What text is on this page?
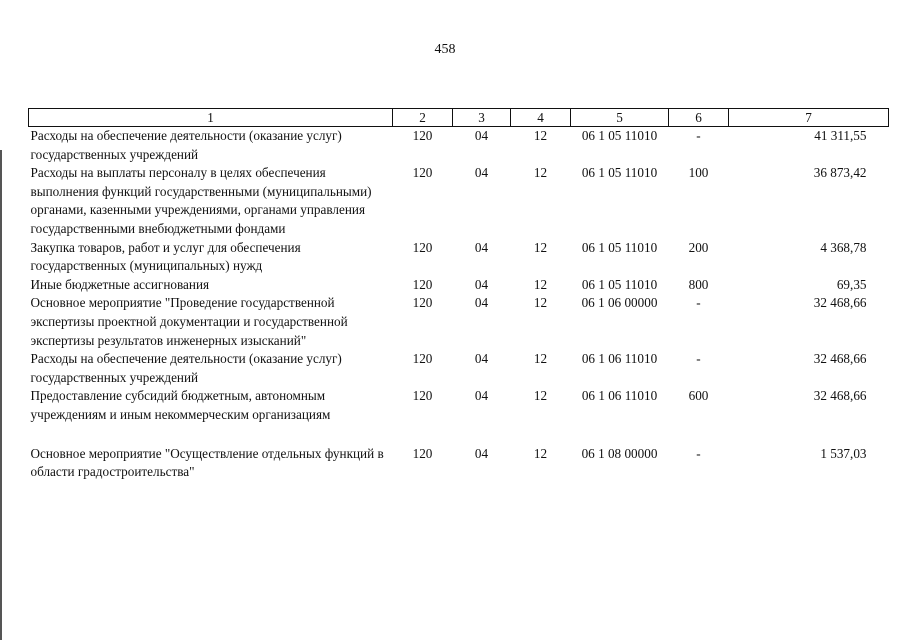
458
1	2	3	4	5	6	7
Расходы на обеспечение деятельности (оказание услуг) государственных учреждений	120	04	12	06 1 05 11010	-	41 311,55
Расходы на выплаты персоналу в целях обеспечения выполнения функций государственными (муниципальными) органами, казенными учреждениями, органами управления государственными внебюджетными фондами	120	04	12	06 1 05 11010	100	36 873,42
Закупка товаров, работ и услуг для обеспечения государственных (муниципальных) нужд	120	04	12	06 1 05 11010	200	4 368,78
Иные бюджетные ассигнования	120	04	12	06 1 05 11010	800	69,35
Основное мероприятие "Проведение государственной экспертизы проектной документации и государственной экспертизы результатов инженерных изысканий"	120	04	12	06 1 06 00000	-	32 468,66
Расходы на обеспечение деятельности (оказание услуг) государственных учреждений	120	04	12	06 1 06 11010	-	32 468,66
Предоставление субсидий бюджетным, автономным учреждениям и иным некоммерческим организациям	120	04	12	06 1 06 11010	600	32 468,66

Основное мероприятие "Осуществление отдельных функций в области градостроительства"	120	04	12	06 1 08 00000	-	1 537,03
